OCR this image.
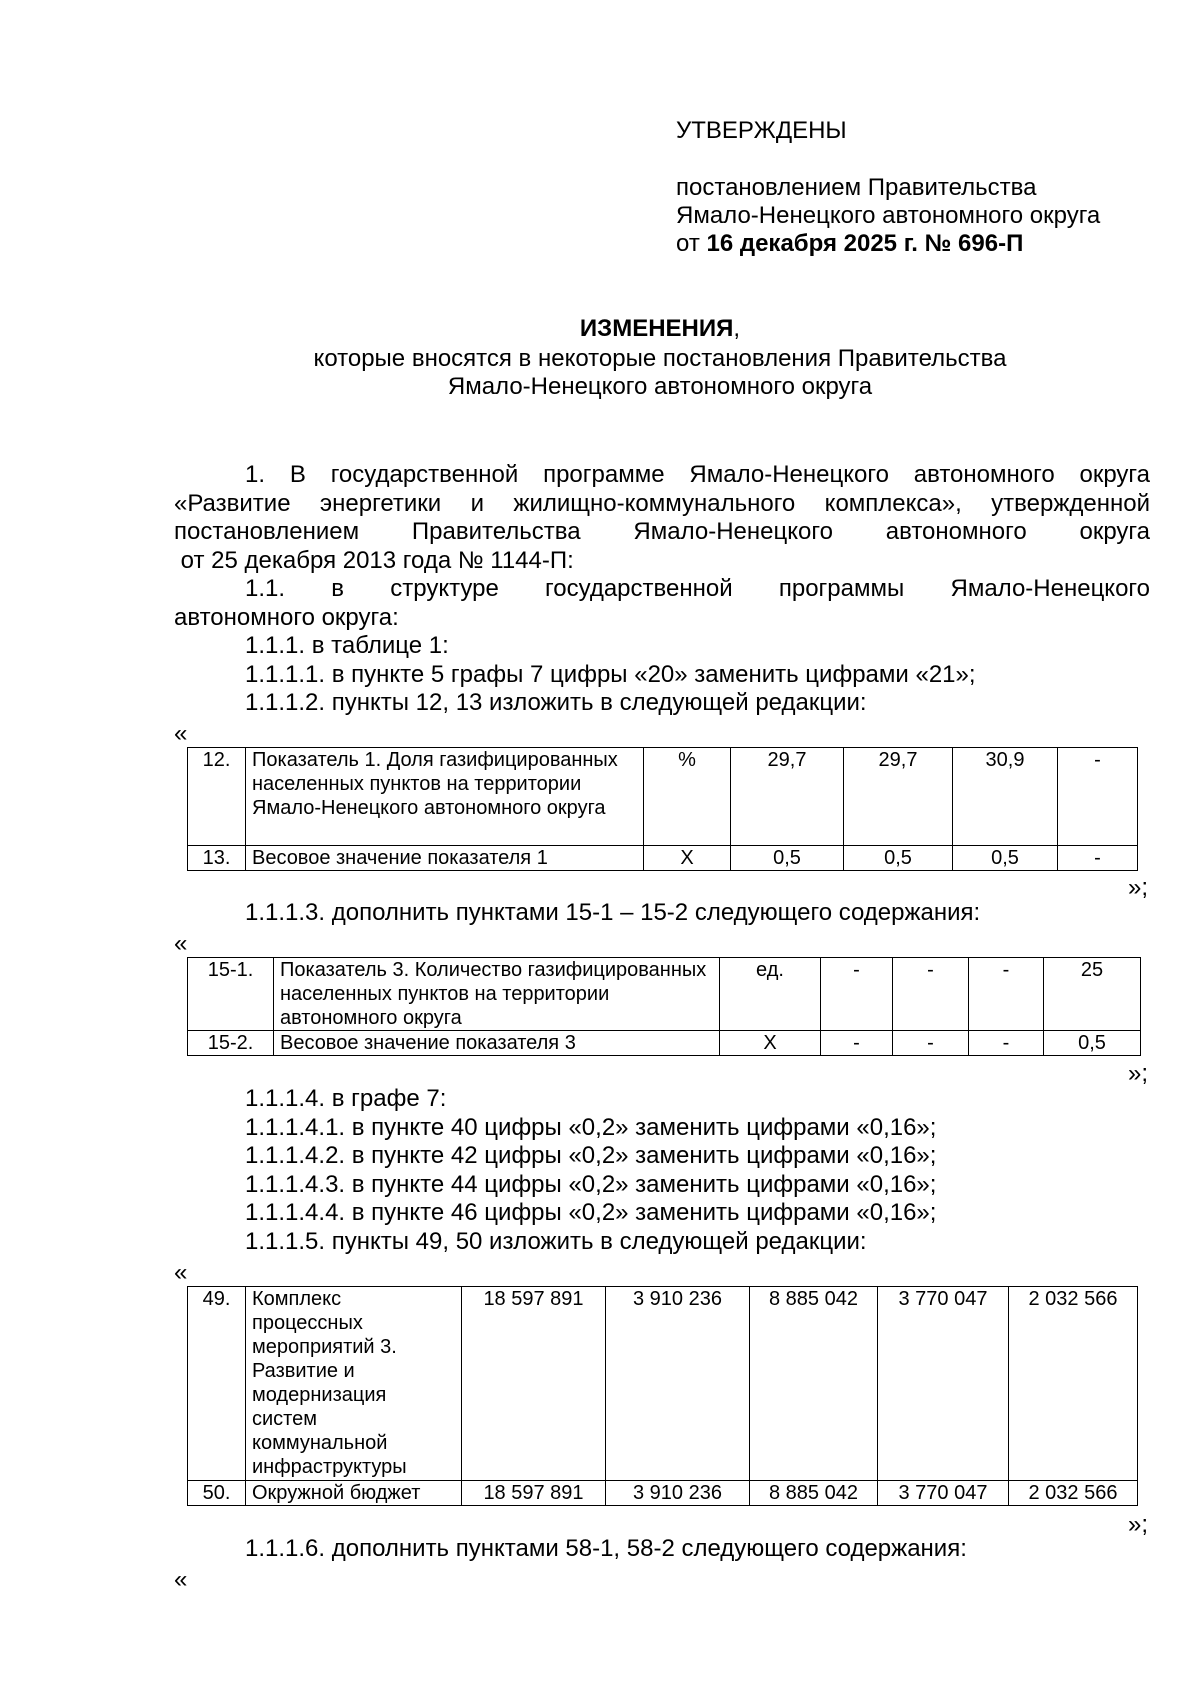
УТВЕРЖДЕНЫ
постановлением Правительства
Ямало-Ненецкого автономного округа
от 16 декабря 2025 г. № 696-П
ИЗМЕНЕНИЯ,
которые вносятся в некоторые постановления Правительства
Ямало-Ненецкого автономного округа
1. В государственной программе Ямало-Ненецкого автономного округа
«Развитие энергетики и жилищно-коммунального комплекса», утвержденной
постановлением Правительства Ямало-Ненецкого автономного округа
от 25 декабря 2013 года № 1144-П:
1.1. в структуре государственной программы Ямало-Ненецкого
автономного округа:
1.1.1. в таблице 1:
1.1.1.1. в пункте 5 графы 7 цифры «20» заменить цифрами «21»;
1.1.1.2. пункты 12, 13 изложить в следующей редакции:
«
12.	Показатель 1. Доля газифицированных населенных пунктов на территории Ямало-Ненецкого автономного округа	%	29,7	29,7	30,9	-
13.	Весовое значение показателя 1	X	0,5	0,5	0,5	-
»;
1.1.1.3. дополнить пунктами 15-1 – 15-2 следующего содержания:
«
15-1.	Показатель 3. Количество газифицированных населенных пунктов на территории автономного округа	ед.	-	-	-	25
15-2.	Весовое значение показателя 3	X	-	-	-	0,5
»;
1.1.1.4. в графе 7:
1.1.1.4.1. в пункте 40 цифры «0,2» заменить цифрами «0,16»;
1.1.1.4.2. в пункте 42 цифры «0,2» заменить цифрами «0,16»;
1.1.1.4.3. в пункте 44 цифры «0,2» заменить цифрами «0,16»;
1.1.1.4.4. в пункте 46 цифры «0,2» заменить цифрами «0,16»;
1.1.1.5. пункты 49, 50 изложить в следующей редакции:
«
49.	Комплекс процессных мероприятий 3. Развитие и модернизация систем коммунальной инфраструктуры	18 597 891	3 910 236	8 885 042	3 770 047	2 032 566
50.	Окружной бюджет	18 597 891	3 910 236	8 885 042	3 770 047	2 032 566
»;
1.1.1.6. дополнить пунктами 58-1, 58-2 следующего содержания:
«
